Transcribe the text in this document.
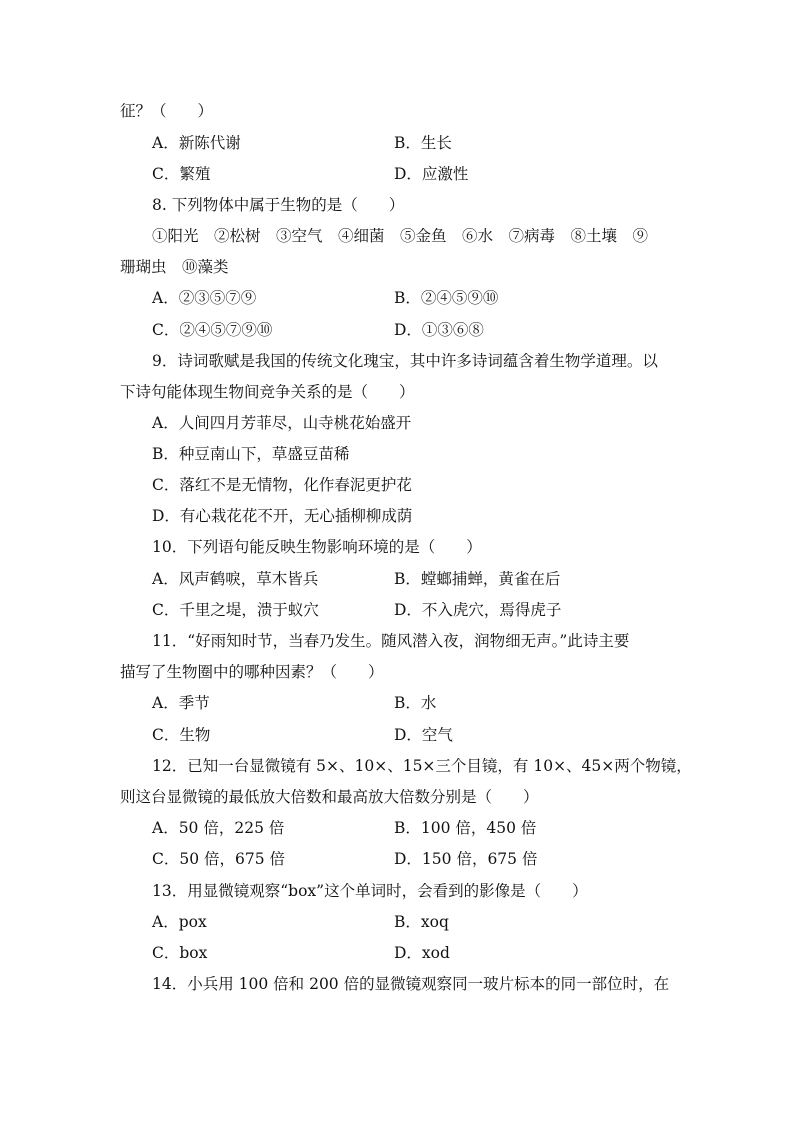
征？（　　）
A．新陈代谢	B．生长
C．繁殖	D．应激性
8. 下列物体中属于生物的是（　　）
①阳光　②松树　③空气　④细菌　⑤金鱼　⑥水　⑦病毒　⑧土壤　⑨
珊瑚虫　⑩藻类
A．②③⑤⑦⑨	B．②④⑤⑨⑩
C．②④⑤⑦⑨⑩	D．①③⑥⑧
9．诗词歌赋是我国的传统文化瑰宝，其中许多诗词蕴含着生物学道理。以
下诗句能体现生物间竞争关系的是（　　）
A．人间四月芳菲尽，山寺桃花始盛开
B．种豆南山下，草盛豆苗稀
C．落红不是无情物，化作春泥更护花
D．有心栽花花不开，无心插柳柳成荫
10．下列语句能反映生物影响环境的是（　　）
A．风声鹤唳，草木皆兵	B．螳螂捕蝉，黄雀在后
C．千里之堤，溃于蚁穴	D．不入虎穴，焉得虎子
11．“好雨知时节，当春乃发生。随风潜入夜，润物细无声。”此诗主要
描写了生物圈中的哪种因素？（　　）
A．季节	B．水
C．生物	D．空气
12．已知一台显微镜有 5×、10×、15×三个目镜，有 10×、45×两个物镜，
则这台显微镜的最低放大倍数和最高放大倍数分别是（　　）
A．50 倍，225 倍	B．100 倍，450 倍
C．50 倍，675 倍	D．150 倍，675 倍
13．用显微镜观察“box”这个单词时，会看到的影像是（　　）
A．pox	B．xoq
C．box	D．xod
14．小兵用 100 倍和 200 倍的显微镜观察同一玻片标本的同一部位时，在
